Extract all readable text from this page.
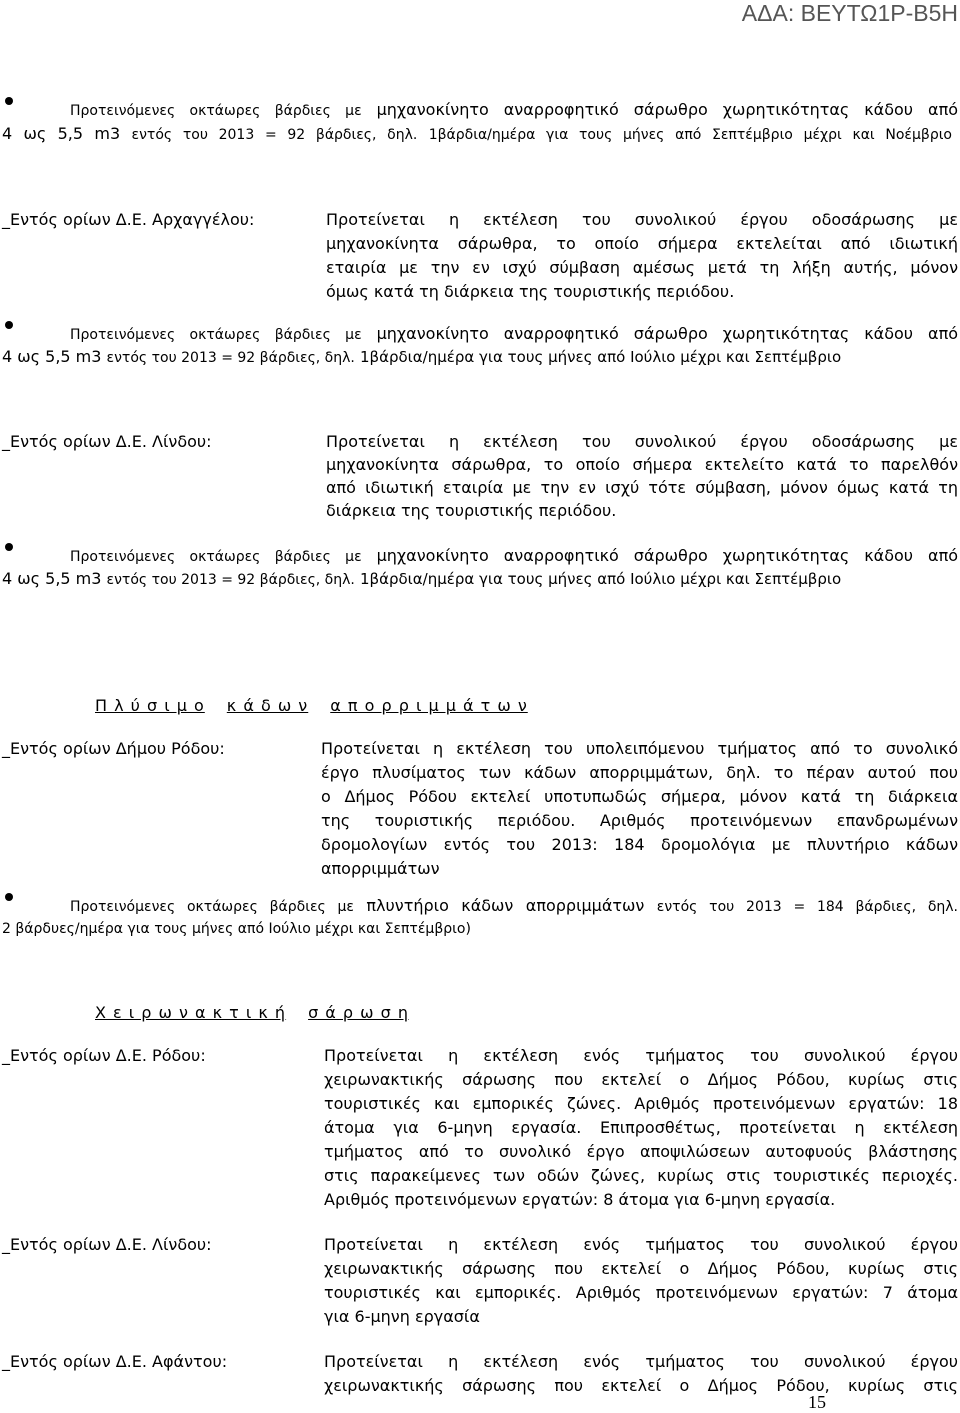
ΑΔΑ: ΒΕΥΤΩ1Ρ-Β5Η
Προτεινόμενες οκτάωρες βάρδιες με μηχανοκίνητο αναρροφητικό σάρωθρο χωρητικότητας κάδου από
4 ως 5,5 m3 εντός του 2013 = 92 βάρδιες, δηλ. 1βάρδια/ημέρα για τους μήνες από Σεπτέμβριο μέχρι και Νοέμβριο
_Εντός ορίων Δ.Ε. Αρχαγγέλου:	Προτείνεται η εκτέλεση του συνολικού έργου οδοσάρωσης με
μηχανοκίνητα σάρωθρα, το οποίο σήμερα εκτελείται από ιδιωτική
εταιρία με την εν ισχύ σύμβαση αμέσως μετά τη λήξη αυτής, μόνον
όμως κατά τη διάρκεια της τουριστικής περιόδου.
Προτεινόμενες οκτάωρες βάρδιες με μηχανοκίνητο αναρροφητικό σάρωθρο χωρητικότητας κάδου από
4 ως 5,5 m3 εντός του 2013 = 92 βάρδιες, δηλ. 1βάρδια/ημέρα για τους μήνες από Ιούλιο μέχρι και Σεπτέμβριο
_Εντός ορίων Δ.Ε. Λίνδου:	Προτείνεται η εκτέλεση του συνολικού έργου οδοσάρωσης με
μηχανοκίνητα σάρωθρα, το οποίο σήμερα εκτελείτο κατά το παρελθόν
από ιδιωτική εταιρία με την εν ισχύ τότε σύμβαση, μόνον όμως κατά τη
διάρκεια της τουριστικής περιόδου.
Προτεινόμενες οκτάωρες βάρδιες με μηχανοκίνητο αναρροφητικό σάρωθρο χωρητικότητας κάδου από
4 ως 5,5 m3 εντός του 2013 = 92 βάρδιες, δηλ. 1βάρδια/ημέρα για τους μήνες από Ιούλιο μέχρι και Σεπτέμβριο
Π λ ύ σ ι μ ο κ ά δ ω ν α π ο ρ ρ ι μ μ ά τ ω ν
_Εντός ορίων Δήμου Ρόδου:	Προτείνεται η εκτέλεση του υπολειπόμενου τμήματος από το συνολικό
έργο πλυσίματος των κάδων απορριμμάτων, δηλ. το πέραν αυτού που
ο Δήμος Ρόδου εκτελεί υποτυπωδώς σήμερα, μόνον κατά τη διάρκεια
της τουριστικής περιόδου. Αριθμός προτεινόμενων επανδρωμένων
δρομολογίων εντός του 2013: 184 δρομολόγια με πλυντήριο κάδων
απορριμμάτων
Προτεινόμενες οκτάωρες βάρδιες με πλυντήριο κάδων απορριμμάτων εντός του 2013 = 184 βάρδιες, δηλ.
2 βάρδυες/ημέρα για τους μήνες από Ιούλιο μέχρι και Σεπτέμβριο)
Χ ε ι ρ ω ν α κ τ ι κ ή σ ά ρ ω σ η
_Εντός ορίων Δ.Ε. Ρόδου:	Προτείνεται η εκτέλεση ενός τμήματος του συνολικού έργου
χειρωνακτικής σάρωσης που εκτελεί ο Δήμος Ρόδου, κυρίως στις
τουριστικές και εμπορικές ζώνες. Αριθμός προτεινόμενων εργατών: 18
άτομα για 6-μηνη εργασία. Επιπροσθέτως, προτείνεται η εκτέλεση
τμήματος από το συνολικό έργο αποψιλώσεων αυτοφυούς βλάστησης
στις παρακείμενες των οδών ζώνες, κυρίως στις τουριστικές περιοχές.
Αριθμός προτεινόμενων εργατών: 8 άτομα για 6-μηνη εργασία.
_Εντός ορίων Δ.Ε. Λίνδου:	Προτείνεται η εκτέλεση ενός τμήματος του συνολικού έργου
χειρωνακτικής σάρωσης που εκτελεί ο Δήμος Ρόδου, κυρίως στις
τουριστικές και εμπορικές. Αριθμός προτεινόμενων εργατών: 7 άτομα
για 6-μηνη εργασία
_Εντός ορίων Δ.Ε. Αφάντου:	Προτείνεται η εκτέλεση ενός τμήματος του συνολικού έργου
χειρωνακτικής σάρωσης που εκτελεί ο Δήμος Ρόδου, κυρίως στις
15
